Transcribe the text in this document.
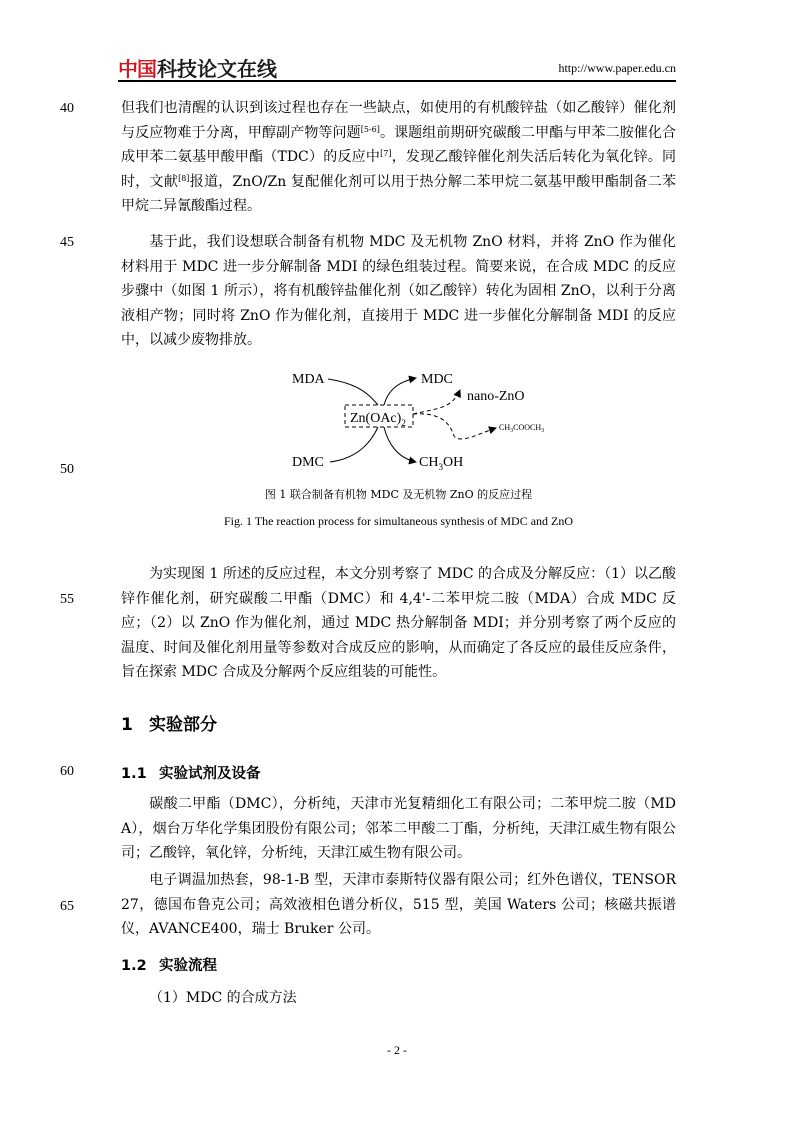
中国 科技论文在线	http://www.paper.edu.cn
40
45
50
55
60
65
但我们也清醒的认识到该过程也存在一些缺点，如使用的有机酸锌盐（如乙酸锌）催化剂与反应物难于分离，甲醇副产物等问题[5-6]。课题组前期研究碳酸二甲酯与甲苯二胺催化合成甲苯二氨基甲酸甲酯（TDC）的反应中[7]，发现乙酸锌催化剂失活后转化为氧化锌。同时，文献[8]报道，ZnO/Zn 复配催化剂可以用于热分解二苯甲烷二氨基甲酸甲酯制备二苯甲烷二异氰酸酯过程。
基于此，我们设想联合制备有机物 MDC 及无机物 ZnO 材料，并将 ZnO 作为催化材料用于 MDC 进一步分解制备 MDI 的绿色组装过程。简要来说，在合成 MDC 的反应步骤中（如图 1 所示），将有机酸锌盐催化剂（如乙酸锌）转化为固相 ZnO，以利于分离液相产物；同时将 ZnO 作为催化剂，直接用于 MDC 进一步催化分解制备 MDI 的反应中，以减少废物排放。
MDA	MDC
nano-ZnO
DMC
$Zn(OAc)_2$	$CH_3COOCH_3$
$CH_3OH$
图 1 联合制备有机物 MDC 及无机物 ZnO 的反应过程
Fig. 1 The reaction process for simultaneous synthesis of MDC and ZnO
为实现图 1 所述的反应过程，本文分别考察了 MDC 的合成及分解反应：（1）以乙酸锌作催化剂，研究碳酸二甲酯（DMC）和 4,4'-二苯甲烷二胺（MDA）合成 MDC 反应；（2）以 ZnO 作为催化剂，通过 MDC 热分解制备 MDI；并分别考察了两个反应的温度、时间及催化剂用量等参数对合成反应的影响，从而确定了各反应的最佳反应条件，旨在探索 MDC 合成及分解两个反应组装的可能性。
1 实验部分
1.1 实验试剂及设备
碳酸二甲酯（DMC），分析纯，天津市光复精细化工有限公司；二苯甲烷二胺（MDA），烟台万华化学集团股份有限公司；邻苯二甲酸二丁酯，分析纯，天津江威生物有限公司；乙酸锌，氧化锌，分析纯，天津江威生物有限公司。
电子调温加热套，98-1-B 型，天津市泰斯特仪器有限公司；红外色谱仪，TENSOR 27，德国布鲁克公司；高效液相色谱分析仪，515 型，美国 Waters 公司；核磁共振谱仪，AVANCE400，瑞士 Bruker 公司。
1.2 实验流程
（1）MDC 的合成方法
- 2 -
